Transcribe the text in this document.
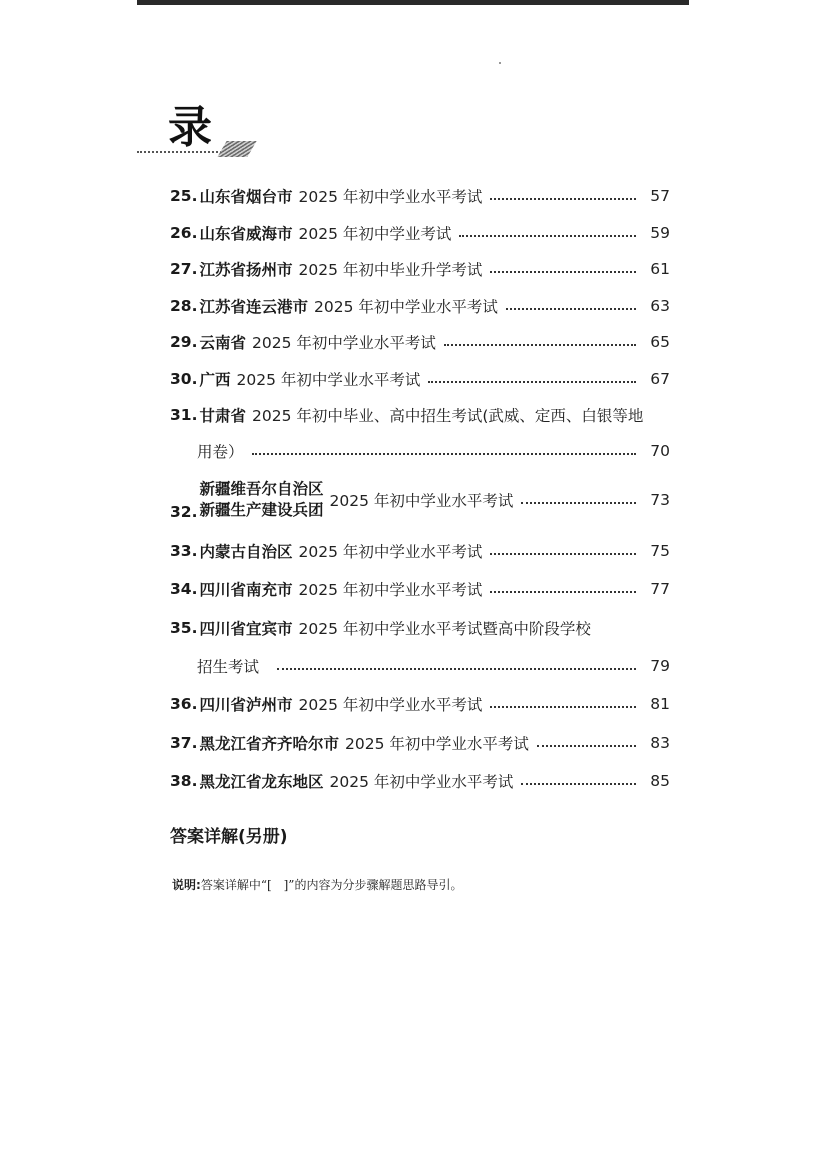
录
25. 山东省烟台市 2025 年初中学业水平考试	57
26. 山东省威海市 2025 年初中学业考试	59
27. 江苏省扬州市 2025 年初中毕业升学考试	61
28. 江苏省连云港市 2025 年初中学业水平考试	63
29. 云南省 2025 年初中学业水平考试	65
30. 广西 2025 年初中学业水平考试	67
31. 甘肃省 2025 年初中毕业、高中招生考试(武威、定西、白银等地
用卷）	70
32.
新疆维吾尔自治区
新疆生产建设兵团 2025 年初中学业水平考试	73
33. 内蒙古自治区 2025 年初中学业水平考试	75
34. 四川省南充市 2025 年初中学业水平考试	77
35. 四川省宜宾市 2025 年初中学业水平考试暨高中阶段学校
招生考试	79
36. 四川省泸州市 2025 年初中学业水平考试	81
37. 黑龙江省齐齐哈尔市 2025 年初中学业水平考试	83
38. 黑龙江省龙东地区 2025 年初中学业水平考试	85
答案详解(另册)
说明:答案详解中“[　]”的内容为分步骤解题思路导引。
